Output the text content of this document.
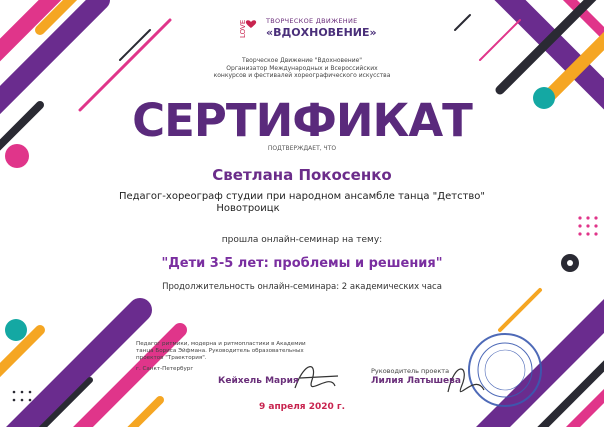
LOVE	ТВОРЧЕСКОЕ ДВИЖЕНИЕ
«ВДОХНОВЕНИЕ»
Творческое Движение "Вдохновение"
Организатор Международных и Всероссийских
конкурсов и фестивалей хореографического искусства
СЕРТИФИКАТ
ПОДТВЕРЖДАЕТ, ЧТО
Светлана Покосенко
Педагог-хореограф студии при народном ансамбле танца "Детство"
Новотроицк
прошла онлайн-семинар на тему:
"Дети 3-5 лет: проблемы и решения"
Продолжительность онлайн-семинара: 2 академических часа
Педагог ритмики, модерна и ритмопластики в Академии танца Бориса Эйфмана. Руководитель образовательных проектов "Траектория".
г. Санкт-Петербург
Кейхель Мария
Руководитель проекта
Лилия Латышева
9 апреля 2020 г.
